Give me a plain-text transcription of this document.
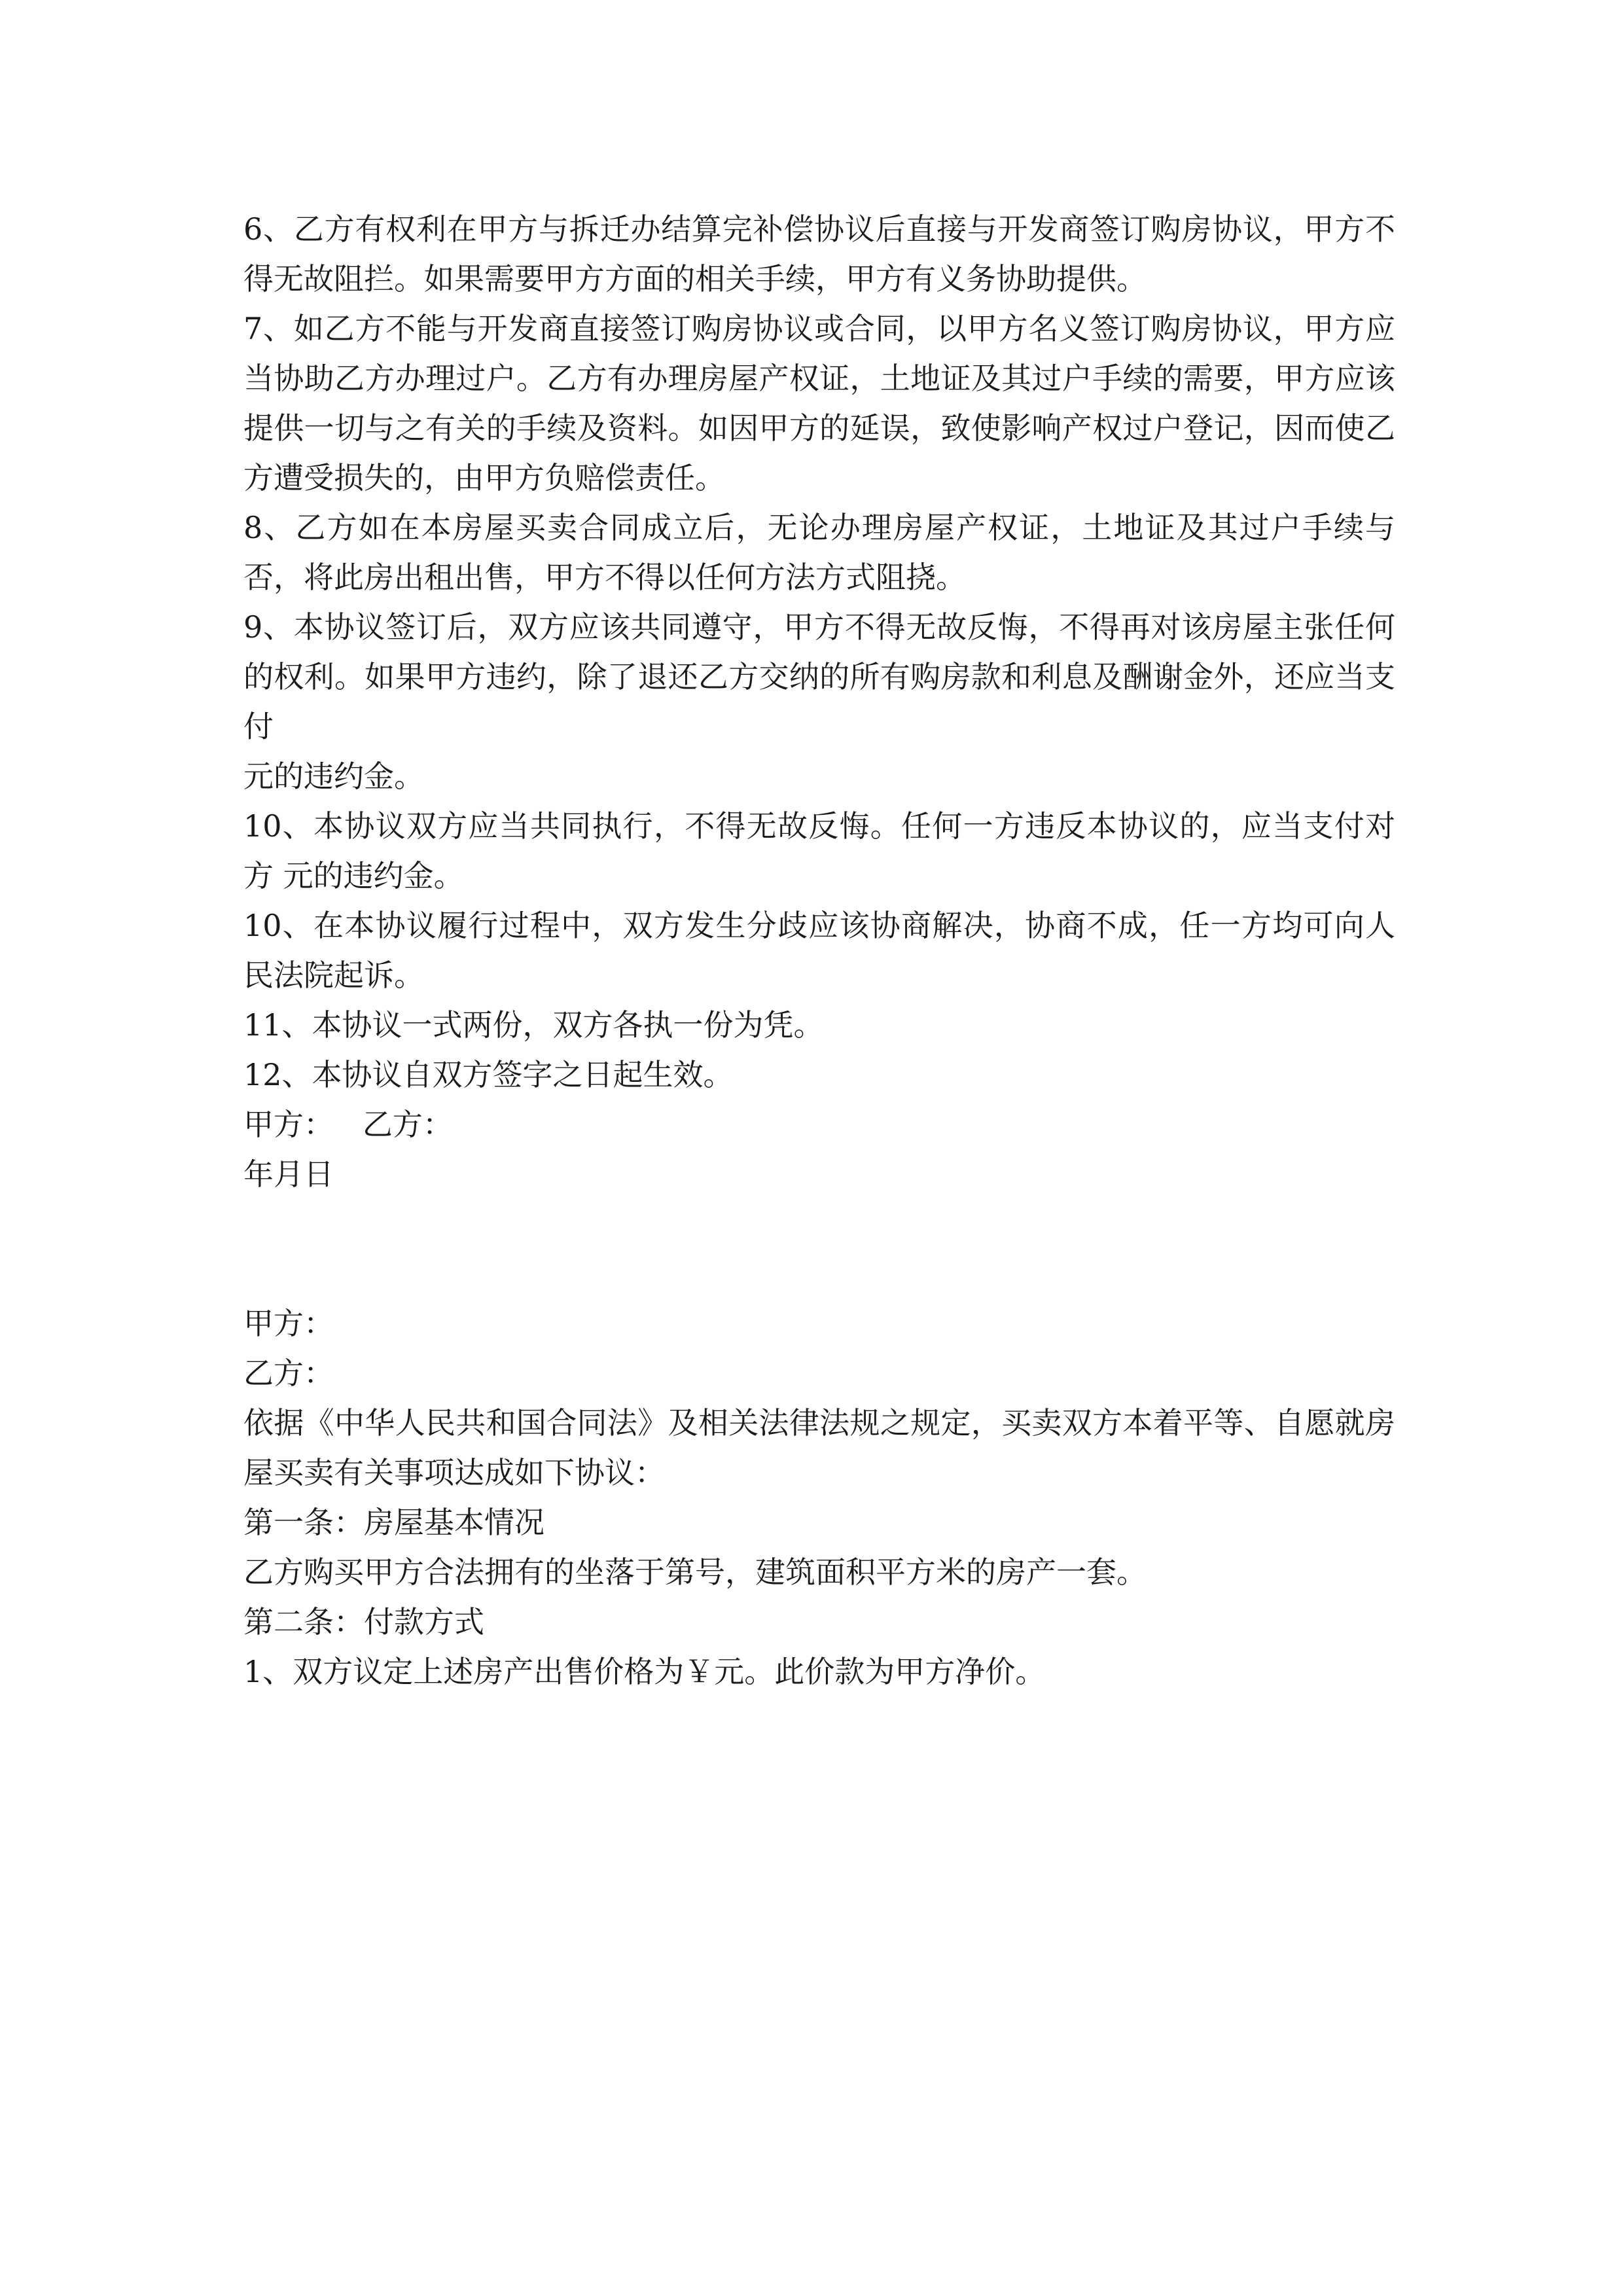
6、乙方有权利在甲方与拆迁办结算完补偿协议后直接与开发商签订购房协议，甲方不得无故阻拦。如果需要甲方方面的相关手续，甲方有义务协助提供。

7、如乙方不能与开发商直接签订购房协议或合同，以甲方名义签订购房协议，甲方应当协助乙方办理过户。乙方有办理房屋产权证，土地证及其过户手续的需要，甲方应该提供一切与之有关的手续及资料。如因甲方的延误，致使影响产权过户登记，因而使乙方遭受损失的，由甲方负赔偿责任。

8、乙方如在本房屋买卖合同成立后，无论办理房屋产权证，土地证及其过户手续与否，将此房出租出售，甲方不得以任何方法方式阻挠。

9、本协议签订后，双方应该共同遵守，甲方不得无故反悔，不得再对该房屋主张任何的权利。如果甲方违约，除了退还乙方交纳的所有购房款和利息及酬谢金外，还应当支付

元的违约金。

10、本协议双方应当共同执行，不得无故反悔。任何一方违反本协议的，应当支付对方 元的违约金。

10、在本协议履行过程中，双方发生分歧应该协商解决，协商不成，任一方均可向人民法院起诉。

11、本协议一式两份，双方各执一份为凭。

12、本协议自双方签字之日起生效。

甲方：   乙方：

年月日

甲方：

乙方：

依据《中华人民共和国合同法》及相关法律法规之规定，买卖双方本着平等、自愿就房屋买卖有关事项达成如下协议：

第一条：房屋基本情况

乙方购买甲方合法拥有的坐落于第号，建筑面积平方米的房产一套。

第二条：付款方式

1、双方议定上述房产出售价格为￥元。此价款为甲方净价。
